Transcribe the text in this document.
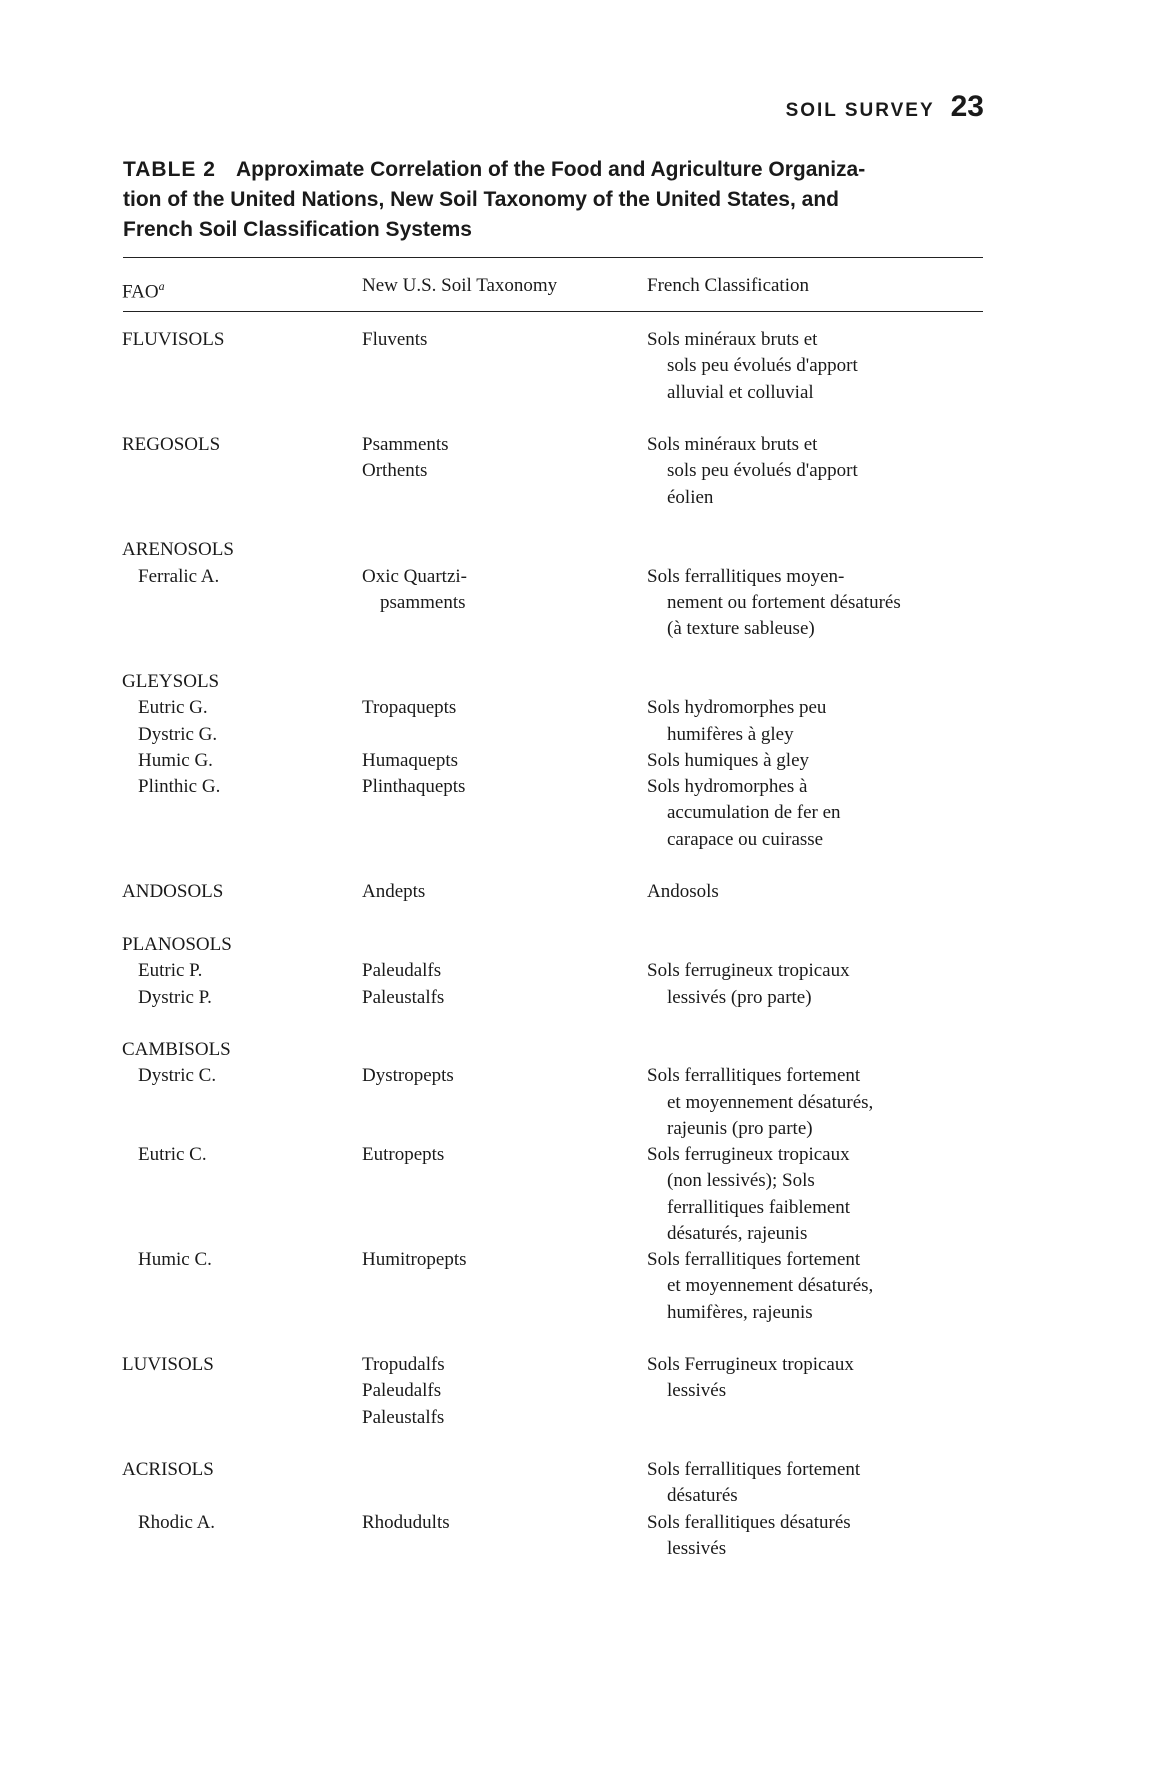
SOIL SURVEY 23
TABLE 2 Approximate Correlation of the Food and Agriculture Organiza-
tion of the United Nations, New Soil Taxonomy of the United States, and
French Soil Classification Systems
FAO$^a$	New U.S. Soil Taxonomy	French Classification
FLUVISOLS
REGOSOLS
ARENOSOLS
Ferralic A.
GLEYSOLS
Eutric G.
Dystric G.
Humic G.
Plinthic G.
ANDOSOLS
PLANOSOLS
Eutric P.
Dystric P.
CAMBISOLS
Dystric C.
Eutric C.
Humic C.
LUVISOLS
ACRISOLS
Rhodic A.
Fluvents
Psamments
Orthents
Oxic Quartzi-
psamments
Tropaquepts
Humaquepts
Plinthaquepts
Andepts
Paleudalfs
Paleustalfs
Dystropepts
Eutropepts
Humitropepts
Tropudalfs
Paleudalfs
Paleustalfs
Rhodudults
Sols minéraux bruts et
sols peu évolués d'apport
alluvial et colluvial
Sols minéraux bruts et
sols peu évolués d'apport
éolien
Sols ferrallitiques moyen-
nement ou fortement désaturés
(à texture sableuse)
Sols hydromorphes peu
humifères à gley
Sols humiques à gley
Sols hydromorphes à
accumulation de fer en
carapace ou cuirasse
Andosols
Sols ferrugineux tropicaux
lessivés (pro parte)
Sols ferrallitiques fortement
et moyennement désaturés,
rajeunis (pro parte)
Sols ferrugineux tropicaux
(non lessivés); Sols
ferrallitiques faiblement
désaturés, rajeunis
Sols ferrallitiques fortement
et moyennement désaturés,
humifères, rajeunis
Sols Ferrugineux tropicaux
lessivés
Sols ferrallitiques fortement
désaturés
Sols ferallitiques désaturés
lessivés
